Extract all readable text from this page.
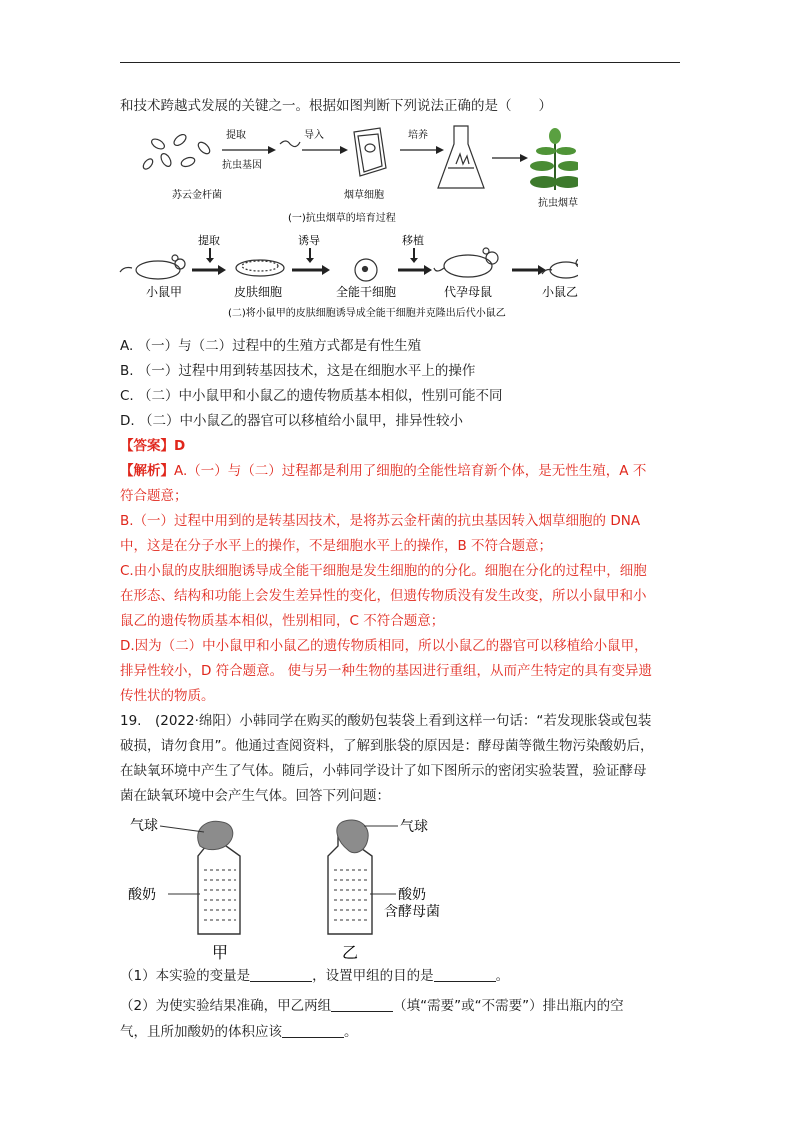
和技术跨越式发展的关键之一。根据如图判断下列说法正确的是（　　）
苏云金杆菌
提取
抗虫基因
导入
烟草细胞
培养
抗虫烟草
(一)抗虫烟草的培育过程
提取	诱导	移植
小鼠甲	皮肤细胞	全能干细胞	代孕母鼠	小鼠乙
(二)将小鼠甲的皮肤细胞诱导成全能干细胞并克隆出后代小鼠乙
A. （一）与（二）过程中的生殖方式都是有性生殖
B. （一）过程中用到转基因技术，这是在细胞水平上的操作
C. （二）中小鼠甲和小鼠乙的遗传物质基本相似，性别可能不同
D. （二）中小鼠乙的器官可以移植给小鼠甲，排异性较小
【答案】D
【解析】A.（一）与（二）过程都是利用了细胞的全能性培育新个体，是无性生殖，A 不
符合题意；
B.（一）过程中用到的是转基因技术，是将苏云金杆菌的抗虫基因转入烟草细胞的 DNA
中，这是在分子水平上的操作，不是细胞水平上的操作，B 不符合题意；
C.由小鼠的皮肤细胞诱导成全能干细胞是发生细胞的的分化。细胞在分化的过程中，细胞
在形态、结构和功能上会发生差异性的变化，但遗传物质没有发生改变，所以小鼠甲和小
鼠乙的遗传物质基本相似，性别相同，C 不符合题意；
D.因为（二）中小鼠甲和小鼠乙的遗传物质相同，所以小鼠乙的器官可以移植给小鼠甲，
排异性较小，D 符合题意。 使与另一种生物的基因进行重组，从而产生特定的具有变异遗
传性状的物质。
19.　(2022·绵阳）小韩同学在购买的酸奶包装袋上看到这样一句话：“若发现胀袋或包装
破损，请勿食用”。他通过查阅资料，了解到胀袋的原因是：酵母菌等微生物污染酸奶后，
在缺氧环境中产生了气体。随后，小韩同学设计了如下图所示的密闭实验装置，验证酵母
菌在缺氧环境中会产生气体。回答下列问题：
气球
酸奶
甲
气球
酸奶
含酵母菌
乙
（1）本实验的变量是	，设置甲组的目的是	。
（2）为使实验结果准确，甲乙两组	（填“需要”或“不需要”）排出瓶内的空
气，且所加酸奶的体积应该	。
